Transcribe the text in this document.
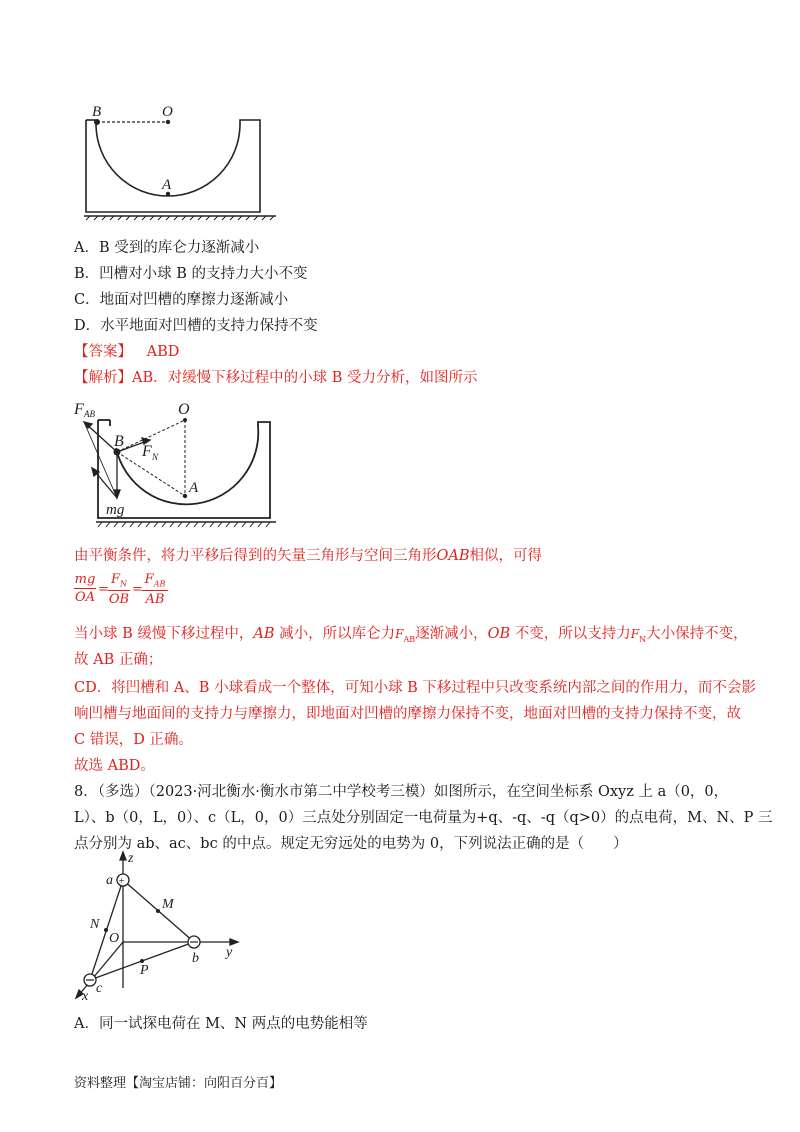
B	O
A
A．B 受到的库仑力逐渐减小
B．凹槽对小球 B 的支持力大小不变
C．地面对凹槽的摩擦力逐渐减小
D．水平地面对凹槽的支持力保持不变
【答案】 ABD
【解析】AB．对缓慢下移过程中的小球 B 受力分析，如图所示
F AB	O
B
F N
A
mg
由平衡条件，将力平移后得到的矢量三角形与空间三角形OAB相似，可得
mg
OA
=
$F_N$
OB
=
$F_{AB}$
AB
当小球 B 缓慢下移过程中，AB 减小，所以库仑力$F_{AB}$逐渐减小，OB 不变，所以支持力$F_N$大小保持不变，
故 AB 正确；
CD．将凹槽和 A、B 小球看成一个整体，可知小球 B 下移过程中只改变系统内部之间的作用力，而不会影
响凹槽与地面间的支持力与摩擦力，即地面对凹槽的摩擦力保持不变，地面对凹槽的支持力保持不变，故
C 错误，D 正确。
故选 ABD。
8．（多选）（2023·河北衡水·衡水市第二中学校考三模）如图所示，在空间坐标系 Oxyz 上 a（0，0，
L）、b（0，L，0）、c（L，0，0）三点处分别固定一电荷量为+q、-q、-q（q>0）的点电荷，M、N、P 三
点分别为 ab、ac、bc 的中点。规定无穷远处的电势为 0，下列说法正确的是（　　）
+
z
a
M
N
O
b y
P
c
x
A．同一试探电荷在 M、N 两点的电势能相等
资料整理【淘宝店铺：向阳百分百】
